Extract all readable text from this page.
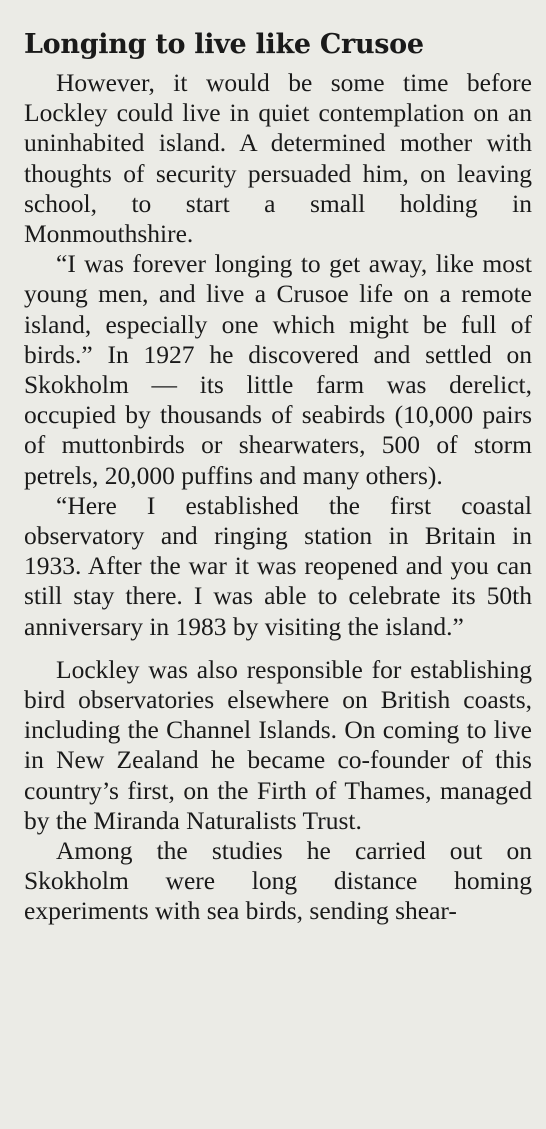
Longing to live like Crusoe

However, it would be some time before Lockley could live in quiet contemplation on an uninhabited island. A determined mother with thoughts of security persuaded him, on leaving school, to start a small holding in Monmouthshire.

“I was forever longing to get away, like most young men, and live a Crusoe life on a remote island, especially one which might be full of birds.” In 1927 he discovered and settled on Skokholm — its little farm was derelict, occupied by thousands of seabirds (10,000 pairs of muttonbirds or shearwaters, 500 of storm petrels, 20,000 puffins and many others).

“Here I established the first coastal observatory and ringing station in Britain in 1933. After the war it was reopened and you can still stay there. I was able to celebrate its 50th anniversary in 1983 by visiting the island.”

Lockley was also responsible for establishing bird observatories elsewhere on British coasts, including the Channel Islands. On coming to live in New Zealand he became co-founder of this country’s first, on the Firth of Thames, managed by the Miranda Naturalists Trust.

Among the studies he carried out on Skokholm were long distance homing experiments with sea birds, sending shear-
